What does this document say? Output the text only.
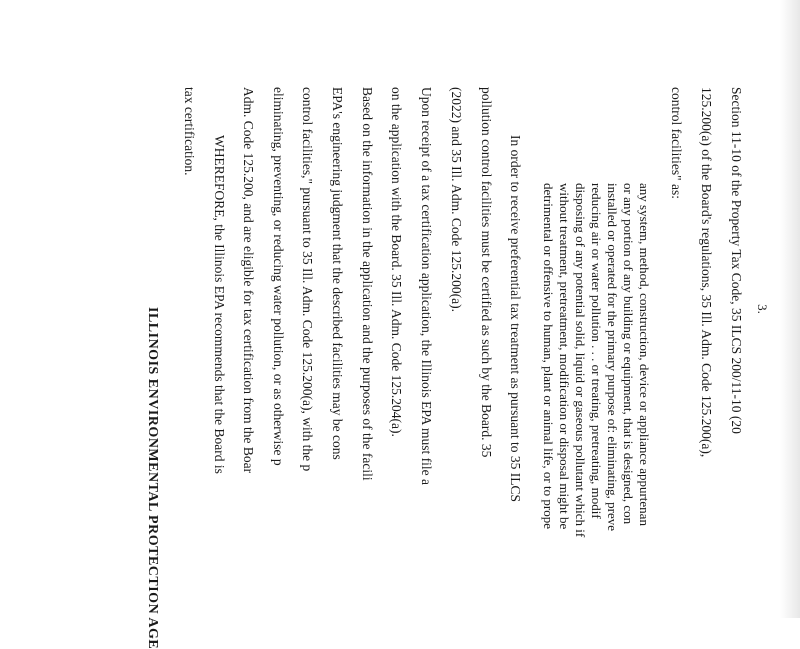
3.
Section 11-10 of the Property Tax Code, 35 ILCS 200/11-10 (20
125.200(a) of the Board's regulations, 35 Ill. Adm. Code 125.200(a),
control facilities" as:
any system, method, construction, device or appliance appurtenan
or any portion of any building or equipment, that is designed, con
installed or operated for the primary purpose of: eliminating, preve
reducing air or water pollution . . . or treating, pretreating, modif
disposing of any potential solid, liquid or gaseous pollutant which if
without treatment, pretreatment, modification or disposal might be
detrimental or offensive to human, plant or animal life, or to prope
In order to receive preferential tax treatment as pursuant to 35 ILCS
pollution control facilities must be certified as such by the Board. 35
(2022) and 35 Ill. Adm. Code 125.200(a).
Upon receipt of a tax certification application, the Illinois EPA must file a
on the application with the Board. 35 Ill. Adm. Code 125.204(a).
Based on the information in the application and the purposes of the facili
EPA's engineering judgment that the described facilities may be cons
control facilities," pursuant to 35 Ill. Adm. Code 125.200(a), with the p
eliminating, preventing, or reducing water pollution, or as otherwise p
Adm. Code 125.200, and are eligible for tax certification from the Boar
WHEREFORE, the Illinois EPA recommends that the Board is
tax certification.
ILLINOIS ENVIRONMENTAL PROTECTION AGE
